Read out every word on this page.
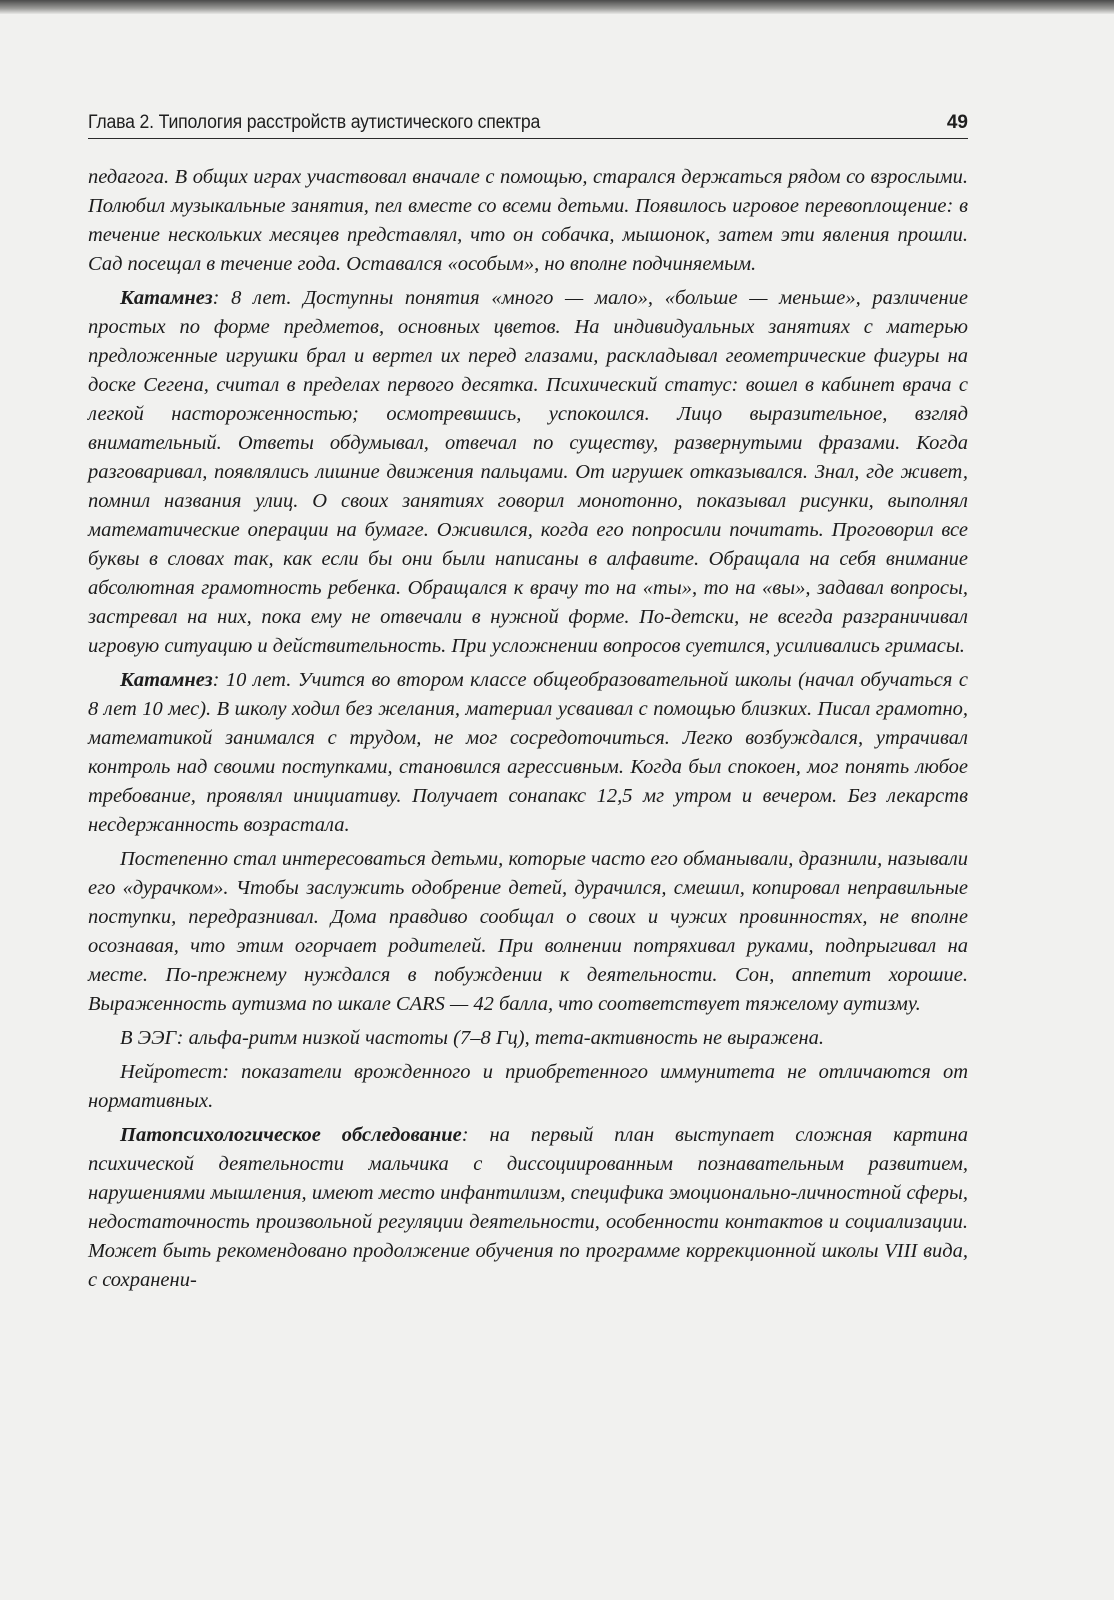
Глава 2. Типология расстройств аутистического спектра	49

педагога. В общих играх участвовал вначале с помощью, старался держаться рядом со взрослыми. Полюбил музыкальные занятия, пел вместе со всеми детьми. Появилось игровое перевоплощение: в течение нескольких месяцев представлял, что он собачка, мышонок, затем эти явления прошли. Сад посещал в течение года. Оставался «особым», но вполне подчиняемым.

Катамнез: 8 лет. Доступны понятия «много — мало», «больше — меньше», различение простых по форме предметов, основных цветов. На индивидуальных занятиях с матерью предложенные игрушки брал и вертел их перед глазами, раскладывал геометрические фигуры на доске Сегена, считал в пределах первого десятка. Психический статус: вошел в кабинет врача с легкой настороженностью; осмотревшись, успокоился. Лицо выразительное, взгляд внимательный. Ответы обдумывал, отвечал по существу, развернутыми фразами. Когда разговаривал, появлялись лишние движения пальцами. От игрушек отказывался. Знал, где живет, помнил названия улиц. О своих занятиях говорил монотонно, показывал рисунки, выполнял математические операции на бумаге. Оживился, когда его попросили почитать. Проговорил все буквы в словах так, как если бы они были написаны в алфавите. Обращала на себя внимание абсолютная грамотность ребенка. Обращался к врачу то на «ты», то на «вы», задавал вопросы, застревал на них, пока ему не отвечали в нужной форме. По-детски, не всегда разграничивал игровую ситуацию и действительность. При усложнении вопросов суетился, усиливались гримасы.

Катамнез: 10 лет. Учится во втором классе общеобразовательной школы (начал обучаться с 8 лет 10 мес). В школу ходил без желания, материал усваивал с помощью близких. Писал грамотно, математикой занимался с трудом, не мог сосредоточиться. Легко возбуждался, утрачивал контроль над своими поступками, становился агрессивным. Когда был спокоен, мог понять любое требование, проявлял инициативу. Получает сонапакс 12,5 мг утром и вечером. Без лекарств несдержанность возрастала.

Постепенно стал интересоваться детьми, которые часто его обманывали, дразнили, называли его «дурачком». Чтобы заслужить одобрение детей, дурачился, смешил, копировал неправильные поступки, передразнивал. Дома правдиво сообщал о своих и чужих провинностях, не вполне осознавая, что этим огорчает родителей. При волнении потряхивал руками, подпрыгивал на месте. По-прежнему нуждался в побуждении к деятельности. Сон, аппетит хорошие. Выраженность аутизма по шкале CARS — 42 балла, что соответствует тяжелому аутизму.

В ЭЭГ: альфа-ритм низкой частоты (7–8 Гц), тета-активность не выражена.

Нейротест: показатели врожденного и приобретенного иммунитета не отличаются от нормативных.

Патопсихологическое обследование: на первый план выступает сложная картина психической деятельности мальчика с диссоциированным познавательным развитием, нарушениями мышления, имеют место инфантилизм, специфика эмоционально-личностной сферы, недостаточность произвольной регуляции деятельности, особенности контактов и социализации. Может быть рекомендовано продолжение обучения по программе коррекционной школы VIII вида, с сохранени-
